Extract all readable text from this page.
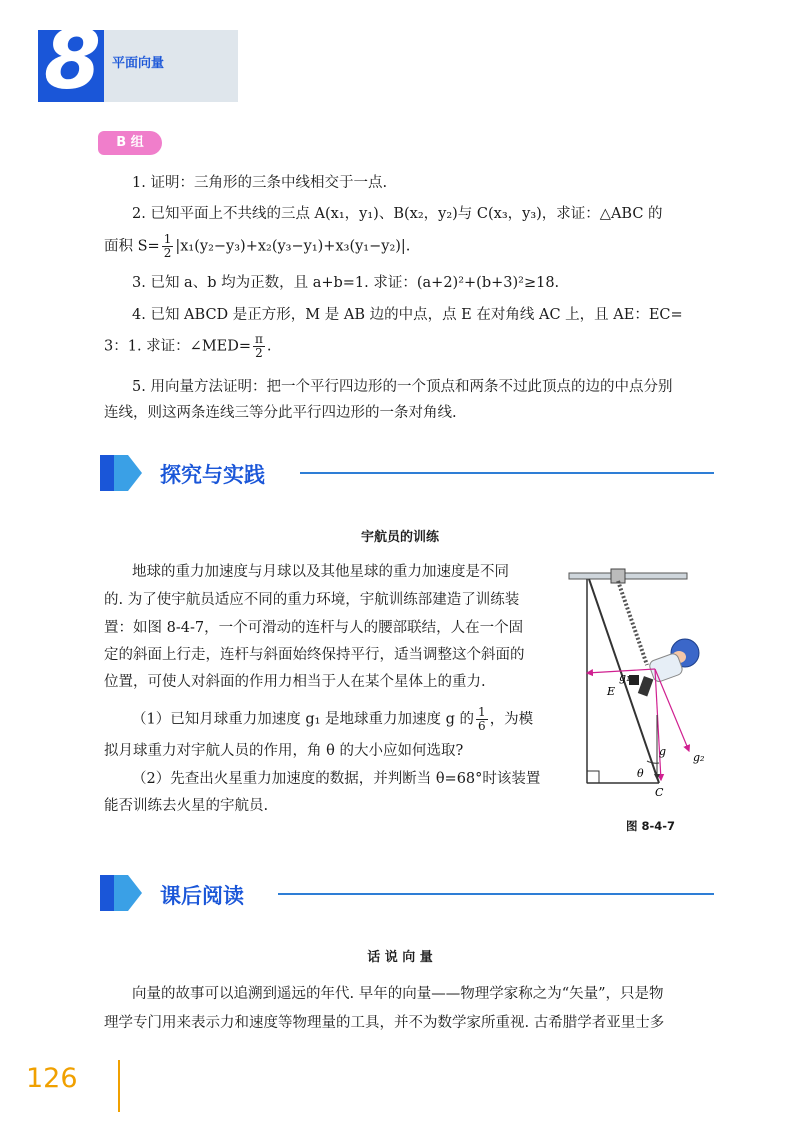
8 平面向量
B 组
1. 证明：三角形的三条中线相交于一点.
2. 已知平面上不共线的三点 A(x₁，y₁)、B(x₂，y₂)与 C(x₃，y₃)，求证：△ABC 的
面积 $S= \frac{1}{2} |x_1(y_2-y_3)+x_2(y_3-y_1)+x_3(y_1-y_2)|$.
3. 已知 a、b 均为正数，且 a+b=1. 求证：(a+2)²+(b+3)²≥18.
4. 已知 ABCD 是正方形，M 是 AB 边的中点，点 E 在对角线 AC 上，且 AE：EC=
3：1. 求证：∠MED= $\frac{\pi}{2}$ .
5. 用向量方法证明：把一个平行四边形的一个顶点和两条不过此顶点的边的中点分别
连线，则这两条连线三等分此平行四边形的一条对角线.
探究与实践
宇航员的训练
地球的重力加速度与月球以及其他星球的重力加速度是不同
的. 为了使宇航员适应不同的重力环境，宇航训练部建造了训练装
置：如图 8-4-7，一个可滑动的连杆与人的腰部联结，人在一个固
定的斜面上行走，连杆与斜面始终保持平行，适当调整这个斜面的
位置，可使人对斜面的作用力相当于人在某个星体上的重力.
（1）已知月球重力加速度 g₁ 是地球重力加速度 g 的 $\frac{1}{6}$ ，为模
拟月球重力对宇航人员的作用，角 θ 的大小应如何选取?
（2）先查出火星重力加速度的数据，并判断当 θ=68°时该装置
能否训练去火星的宇航员.
g₁
E
g₂
g
θ
C
图 8-4-7
课后阅读
话 说 向 量
向量的故事可以追溯到遥远的年代. 早年的向量——物理学家称之为“矢量”，只是物
理学专门用来表示力和速度等物理量的工具，并不为数学家所重视. 古希腊学者亚里士多
126
